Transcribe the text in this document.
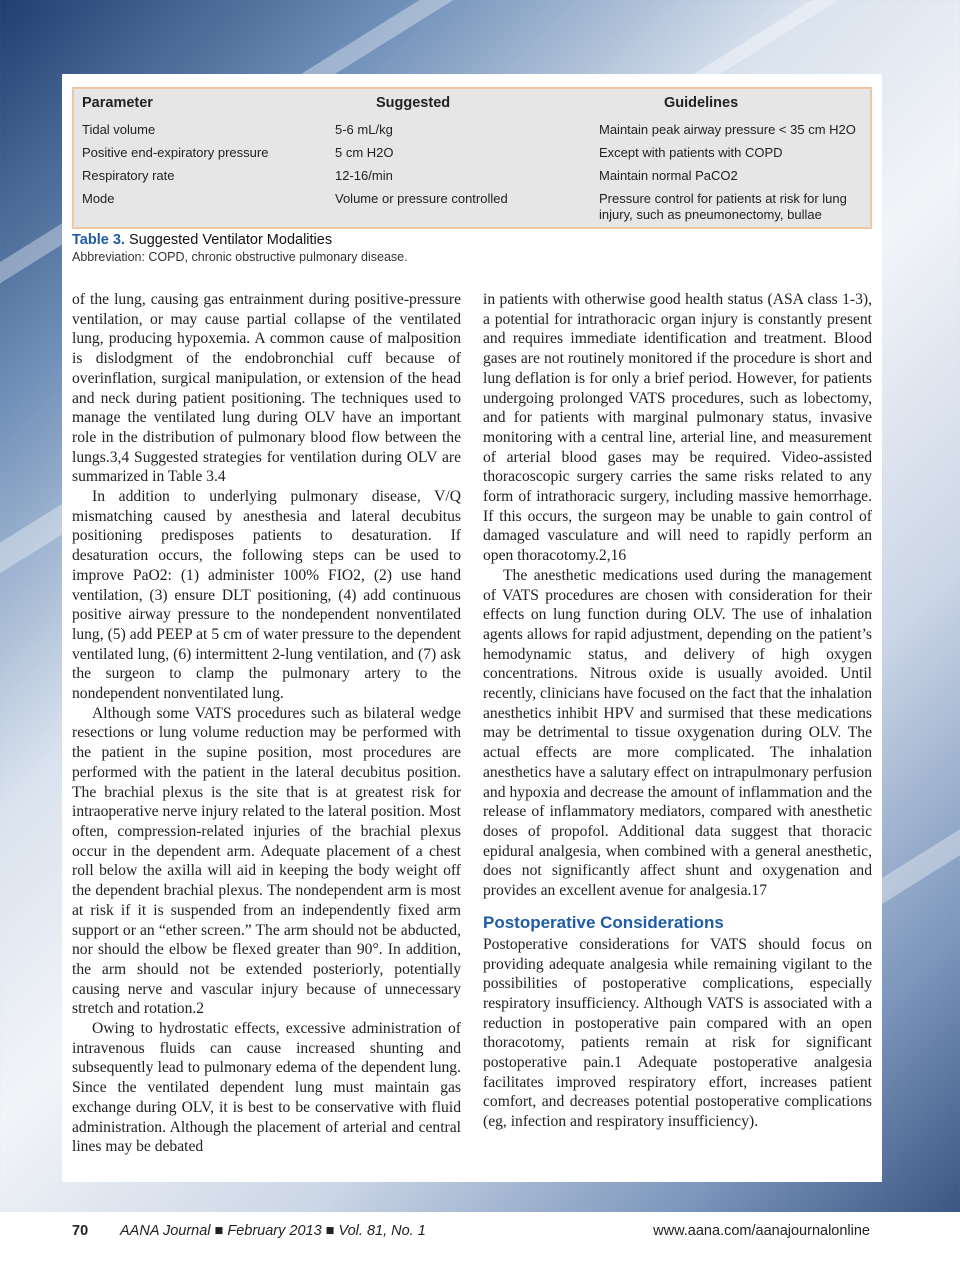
Parameter	Suggested	Guidelines
Tidal volume	5-6 mL/kg	Maintain peak airway pressure < 35 cm H2O
Positive end-expiratory pressure	5 cm H2O	Except with patients with COPD
Respiratory rate	12-16/min	Maintain normal PaCO2
Mode	Volume or pressure controlled	Pressure control for patients at risk for lung injury, such as pneumonectomy, bullae
Table 3. Suggested Ventilator Modalities
Abbreviation: COPD, chronic obstructive pulmonary disease.

of the lung, causing gas entrainment during positive-pressure ventilation, or may cause partial collapse of the ventilated lung, producing hypoxemia. A common cause of malposition is dislodgment of the endobronchial cuff because of overinflation, surgical manipulation, or extension of the head and neck during patient positioning. The techniques used to manage the ventilated lung during OLV have an important role in the distribution of pulmonary blood flow between the lungs.3,4 Suggested strategies for ventilation during OLV are summarized in Table 3.4

In addition to underlying pulmonary disease, V/Q mismatching caused by anesthesia and lateral decubitus positioning predisposes patients to desaturation. If desaturation occurs, the following steps can be used to improve PaO2: (1) administer 100% FIO2, (2) use hand ventilation, (3) ensure DLT positioning, (4) add continuous positive airway pressure to the nondependent nonventilated lung, (5) add PEEP at 5 cm of water pressure to the dependent ventilated lung, (6) intermittent 2-lung ventilation, and (7) ask the surgeon to clamp the pulmonary artery to the nondependent nonventilated lung.

Although some VATS procedures such as bilateral wedge resections or lung volume reduction may be performed with the patient in the supine position, most procedures are performed with the patient in the lateral decubitus position. The brachial plexus is the site that is at greatest risk for intraoperative nerve injury related to the lateral position. Most often, compression-related injuries of the brachial plexus occur in the dependent arm. Adequate placement of a chest roll below the axilla will aid in keeping the body weight off the dependent brachial plexus. The nondependent arm is most at risk if it is suspended from an independently fixed arm support or an “ether screen.” The arm should not be abducted, nor should the elbow be flexed greater than 90°. In addition, the arm should not be extended posteriorly, potentially causing nerve and vascular injury because of unnecessary stretch and rotation.2

Owing to hydrostatic effects, excessive administration of intravenous fluids can cause increased shunting and subsequently lead to pulmonary edema of the dependent lung. Since the ventilated dependent lung must maintain gas exchange during OLV, it is best to be conservative with fluid administration. Although the placement of arterial and central lines may be debated

in patients with otherwise good health status (ASA class 1-3), a potential for intrathoracic organ injury is constantly present and requires immediate identification and treatment. Blood gases are not routinely monitored if the procedure is short and lung deflation is for only a brief period. However, for patients undergoing prolonged VATS procedures, such as lobectomy, and for patients with marginal pulmonary status, invasive monitoring with a central line, arterial line, and measurement of arterial blood gases may be required. Video-assisted thoracoscopic surgery carries the same risks related to any form of intrathoracic surgery, including massive hemorrhage. If this occurs, the surgeon may be unable to gain control of damaged vasculature and will need to rapidly perform an open thoracotomy.2,16

The anesthetic medications used during the management of VATS procedures are chosen with consideration for their effects on lung function during OLV. The use of inhalation agents allows for rapid adjustment, depending on the patient’s hemodynamic status, and delivery of high oxygen concentrations. Nitrous oxide is usually avoided. Until recently, clinicians have focused on the fact that the inhalation anesthetics inhibit HPV and surmised that these medications may be detrimental to tissue oxygenation during OLV. The actual effects are more complicated. The inhalation anesthetics have a salutary effect on intrapulmonary perfusion and hypoxia and decrease the amount of inflammation and the release of inflammatory mediators, compared with anesthetic doses of propofol. Additional data suggest that thoracic epidural analgesia, when combined with a general anesthetic, does not significantly affect shunt and oxygenation and provides an excellent avenue for analgesia.17

Postoperative Considerations

Postoperative considerations for VATS should focus on providing adequate analgesia while remaining vigilant to the possibilities of postoperative complications, especially respiratory insufficiency. Although VATS is associated with a reduction in postoperative pain compared with an open thoracotomy, patients remain at risk for significant postoperative pain.1 Adequate postoperative analgesia facilitates improved respiratory effort, increases patient comfort, and decreases potential postoperative complications (eg, infection and respiratory insufficiency).

70 AANA Journal ■ February 2013 ■ Vol. 81, No. 1	www.aana.com/aanajournalonline
